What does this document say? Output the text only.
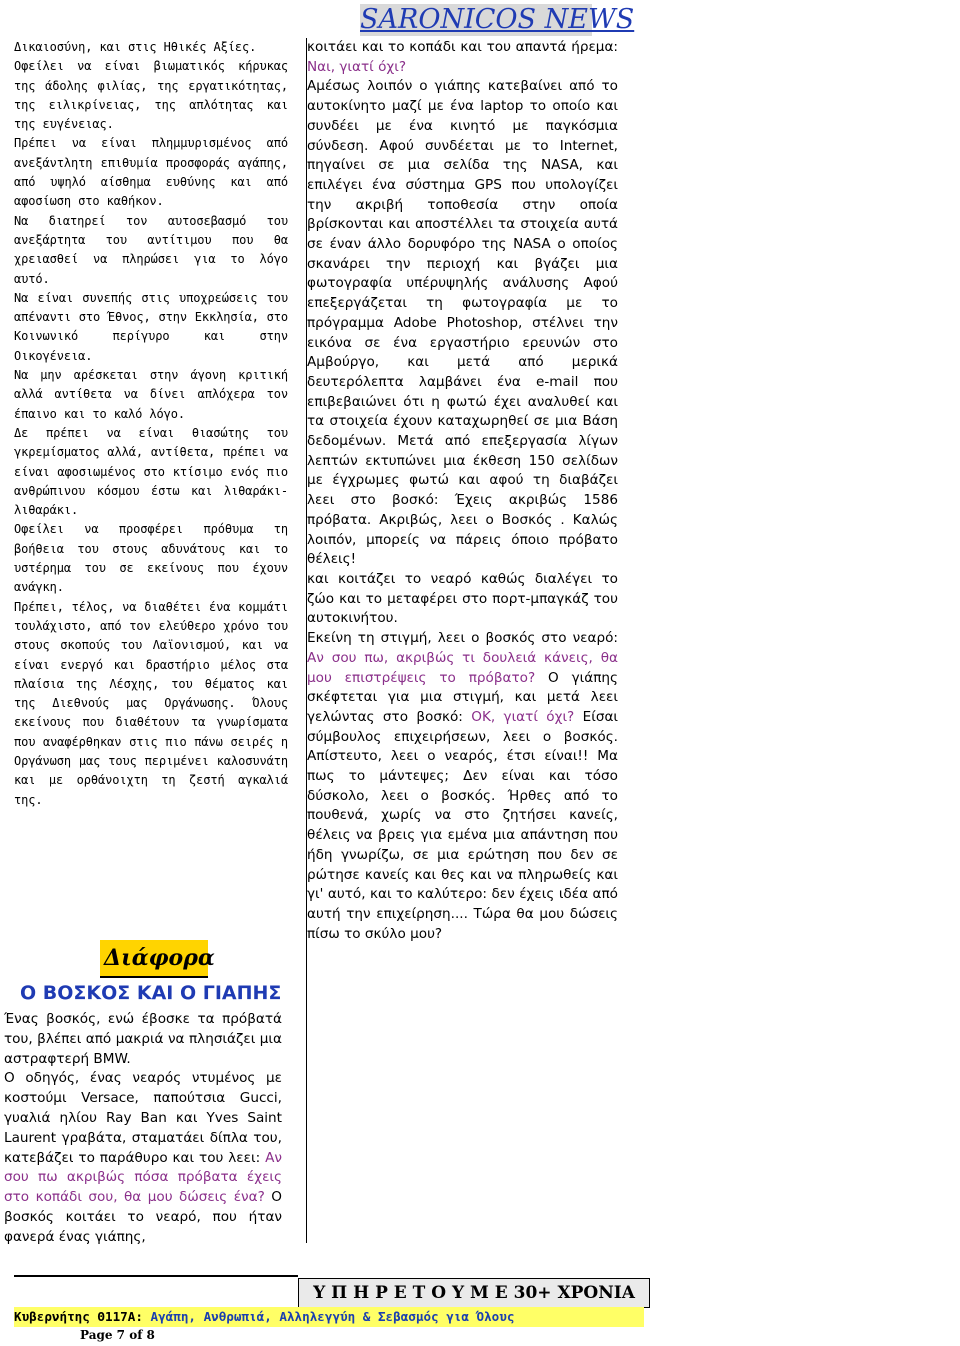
SARONICOS NEWS

Δικαιοσύνη, και στις Ηθικές Αξίες.

Οφείλει να είναι βιωματικός κήρυκας της άδολης φιλίας, της εργατικότητας, της ειλικρίνειας, της απλότητας και της ευγένειας.

Πρέπει να είναι πλημμυρισμένος από ανεξάντλητη επιθυμία προσφοράς αγάπης, από υψηλό αίσθημα ευθύνης και από αφοσίωση στο καθήκον.

Να διατηρεί τον αυτοσεβασμό του ανεξάρτητα του αντίτιμου που θα χρειασθεί να πληρώσει για το λόγο αυτό.

Να είναι συνεπής στις υποχρεώσεις του απέναντι στο Έθνος, στην Εκκλησία, στο Κοινωνικό περίγυρο και στην Οικογένεια.

Να μην αρέσκεται στην άγονη κριτική αλλά αντίθετα να δίνει απλόχερα τον έπαινο και το καλό λόγο.

Δε πρέπει να είναι θιασώτης του γκρεμίσματος αλλά, αντίθετα, πρέπει να είναι αφοσιωμένος στο κτίσιμο ενός πιο ανθρώπινου κόσμου έστω και λιθαράκι-λιθαράκι.

Οφείλει να προσφέρει πρόθυμα τη βοήθεια του στους αδυνάτους και το υστέρημα του σε εκείνους που έχουν ανάγκη.

Πρέπει, τέλος, να διαθέτει ένα κομμάτι τουλάχιστο, από τον ελεύθερο χρόνο του στους σκοπούς του Λαϊονισμού, και να είναι ενεργό και δραστήριο μέλος στα πλαίσια της Λέσχης, του θέματος και της Διεθνούς μας Οργάνωσης. Όλους εκείνους που διαθέτουν τα γνωρίσματα που αναφέρθηκαν στις πιο πάνω σειρές η Οργάνωση μας τους περιμένει καλοσυνάτη και με ορθάνοιχτη τη ζεστή αγκαλιά της.

Διάφορα
Ο ΒΟΣΚΟΣ ΚΑΙ Ο ΓΙΑΠΗΣ

Ένας βοσκός, ενώ έβοσκε τα πρόβατά του, βλέπει από μακριά να πλησιάζει μια αστραφτερή BMW.

Ο οδηγός, ένας νεαρός ντυμένος με κοστούμι Versace, παπούτσια Gucci, γυαλιά ηλίου Ray Ban και Yves Saint Laurent γραβάτα, σταματάει δίπλα του, κατεβάζει το παράθυρο και του λεει: Αν σου πω ακριβώς πόσα πρόβατα έχεις στο κοπάδι σου, θα μου δώσεις ένα? Ο βοσκός κοιτάει το νεαρό, που ήταν φανερά ένας γιάπης,

κοιτάει και το κοπάδι και του απαντά ήρεμα: Ναι, γιατί όχι?

Αμέσως λοιπόν ο γιάπης κατεβαίνει από το αυτοκίνητο μαζί με ένα laptop το οποίο και συνδέει με ένα κινητό με παγκόσμια σύνδεση. Αφού συνδέεται με το Internet, πηγαίνει σε μια σελίδα της NASA, και επιλέγει ένα σύστημα GPS που υπολογίζει την ακριβή τοποθεσία στην οποία βρίσκονται και αποστέλλει τα στοιχεία αυτά σε έναν άλλο δορυφόρο της NASA ο οποίος σκανάρει την περιοχή και βγάζει μια φωτογραφία υπέρυψηλής ανάλυσης Αφού επεξεργάζεται τη φωτογραφία με το πρόγραμμα Adobe Photoshop, στέλνει την εικόνα σε ένα εργαστήριο ερευνών στο Αμβούργο, και μετά από μερικά δευτερόλεπτα λαμβάνει ένα e-mail που επιβεβαιώνει ότι η φωτώ έχει αναλυθεί και τα στοιχεία έχουν καταχωρηθεί σε μια Βάση δεδομένων. Μετά από επεξεργασία λίγων λεπτών εκτυπώνει μια έκθεση 150 σελίδων με έγχρωμες φωτώ και αφού τη διαβάζει λεει στο βοσκό: Έχεις ακριβώς 1586 πρόβατα. Ακριβώς, λεει ο Βοσκός . Καλώς λοιπόν, μπορείς να πάρεις όποιο πρόβατο θέλεις!

και κοιτάζει το νεαρό καθώς διαλέγει το ζώο και το μεταφέρει στο πορτ-μπαγκάζ του αυτοκινήτου.

Εκείνη τη στιγμή, λεει ο βοσκός στο νεαρό: Αν σου πω, ακριβώς τι δουλειά κάνεις, θα μου επιστρέψεις το πρόβατο? Ο γιάπης σκέφτεται για μια στιγμή, και μετά λεει γελώντας στο βοσκό: OK, γιατί όχι? Είσαι σύμβουλος επιχειρήσεων, λεει ο βοσκός. Απίστευτο, λεει ο νεαρός, έτσι είναι!! Μα πως το μάντεψες; Δεν είναι και τόσο δύσκολο, λεει ο βοσκός. Ήρθες από το πουθενά, χωρίς να στο ζητήσει κανείς, θέλεις να βρεις για εμένα μια απάντηση που ήδη γνωρίζω, σε μια ερώτηση που δεν σε ρώτησε κανείς και θες και να πληρωθείς και γι' αυτό, και το καλύτερο: δεν έχεις ιδέα από αυτή την επιχείρηση.... Τώρα θα μου δώσεις πίσω το σκύλο μου?

Υ Π Η Ρ Ε Τ Ο Υ Μ Ε 30+ ΧΡΟΝΙΑ
Κυβερνήτης Θ117Α: Αγάπη, Ανθρωπιά, Αλληλεγγύη & Σεβασμός για Όλους
Page 7 of 8
